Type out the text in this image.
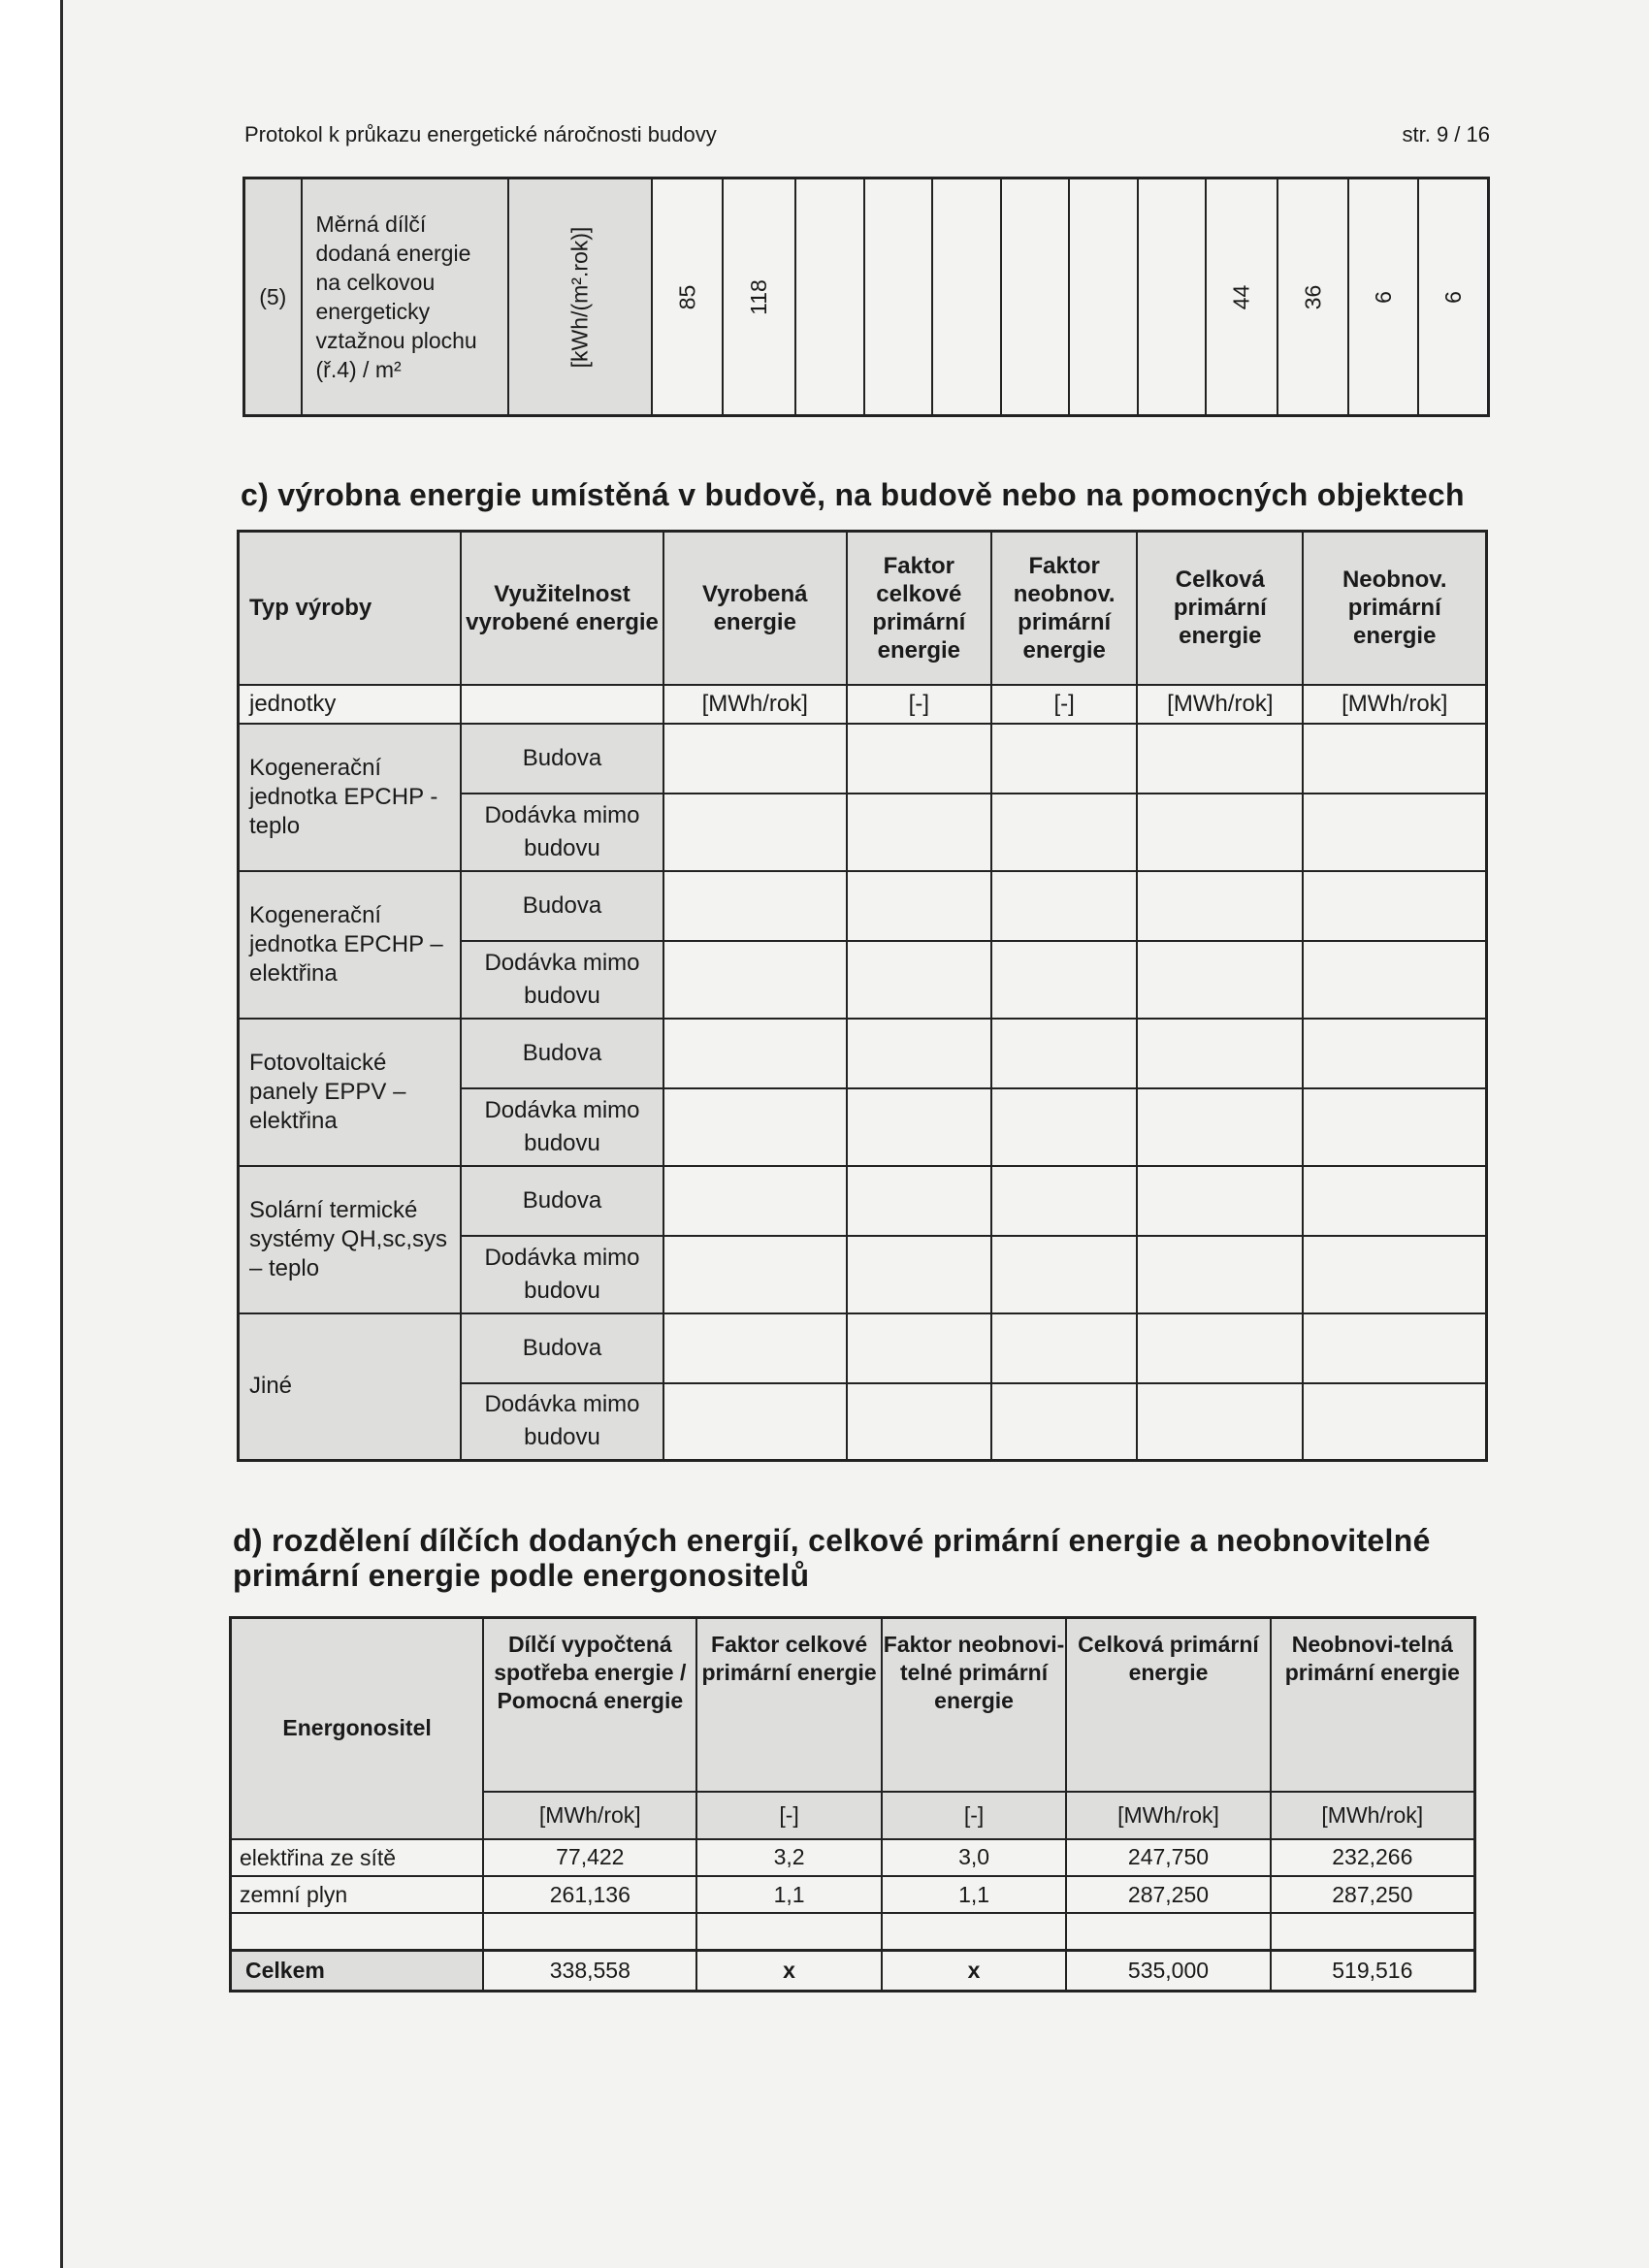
Protokol k průkazu energetické náročnosti budovy	str. 9 / 16
(5)	Měrná dílčí dodaná energie na celkovou energeticky vztažnou plochu (ř.4) / m²	[kWh/(m².rok)]	85	118							44	36	6	6
c) výrobna energie umístěná v budově, na budově nebo na pomocných objektech
Typ výroby	Využitelnost vyrobené energie	Vyrobená energie	Faktor celkové primární energie	Faktor neobnov. primární energie	Celková primární energie	Neobnov. primární energie
jednotky		[MWh/rok]	[-]	[-]	[MWh/rok]	[MWh/rok]
Kogenerační jednotka EPCHP - teplo	Budova					
	Dodávka mimo budovu					
Kogenerační jednotka EPCHP – elektřina	Budova					
	Dodávka mimo budovu					
Fotovoltaické panely EPPV – elektřina	Budova					
	Dodávka mimo budovu					
Solární termické systémy QH,sc,sys – teplo	Budova					
	Dodávka mimo budovu					
Jiné	Budova					
	Dodávka mimo budovu					
d) rozdělení dílčích dodaných energií, celkové primární energie a neobnovitelné primární energie podle energonositelů
Energonositel	Dílčí vypočtená spotřeba energie / Pomocná energie	Faktor celkové primární energie	Faktor neobnovi-telné primární energie	Celková primární energie	Neobnovi-telná primární energie
	[MWh/rok]	[-]	[-]	[MWh/rok]	[MWh/rok]
elektřina ze sítě	77,422	3,2	3,0	247,750	232,266
zemní plyn	261,136	1,1	1,1	287,250	287,250

Celkem	338,558	x	x	535,000	519,516
